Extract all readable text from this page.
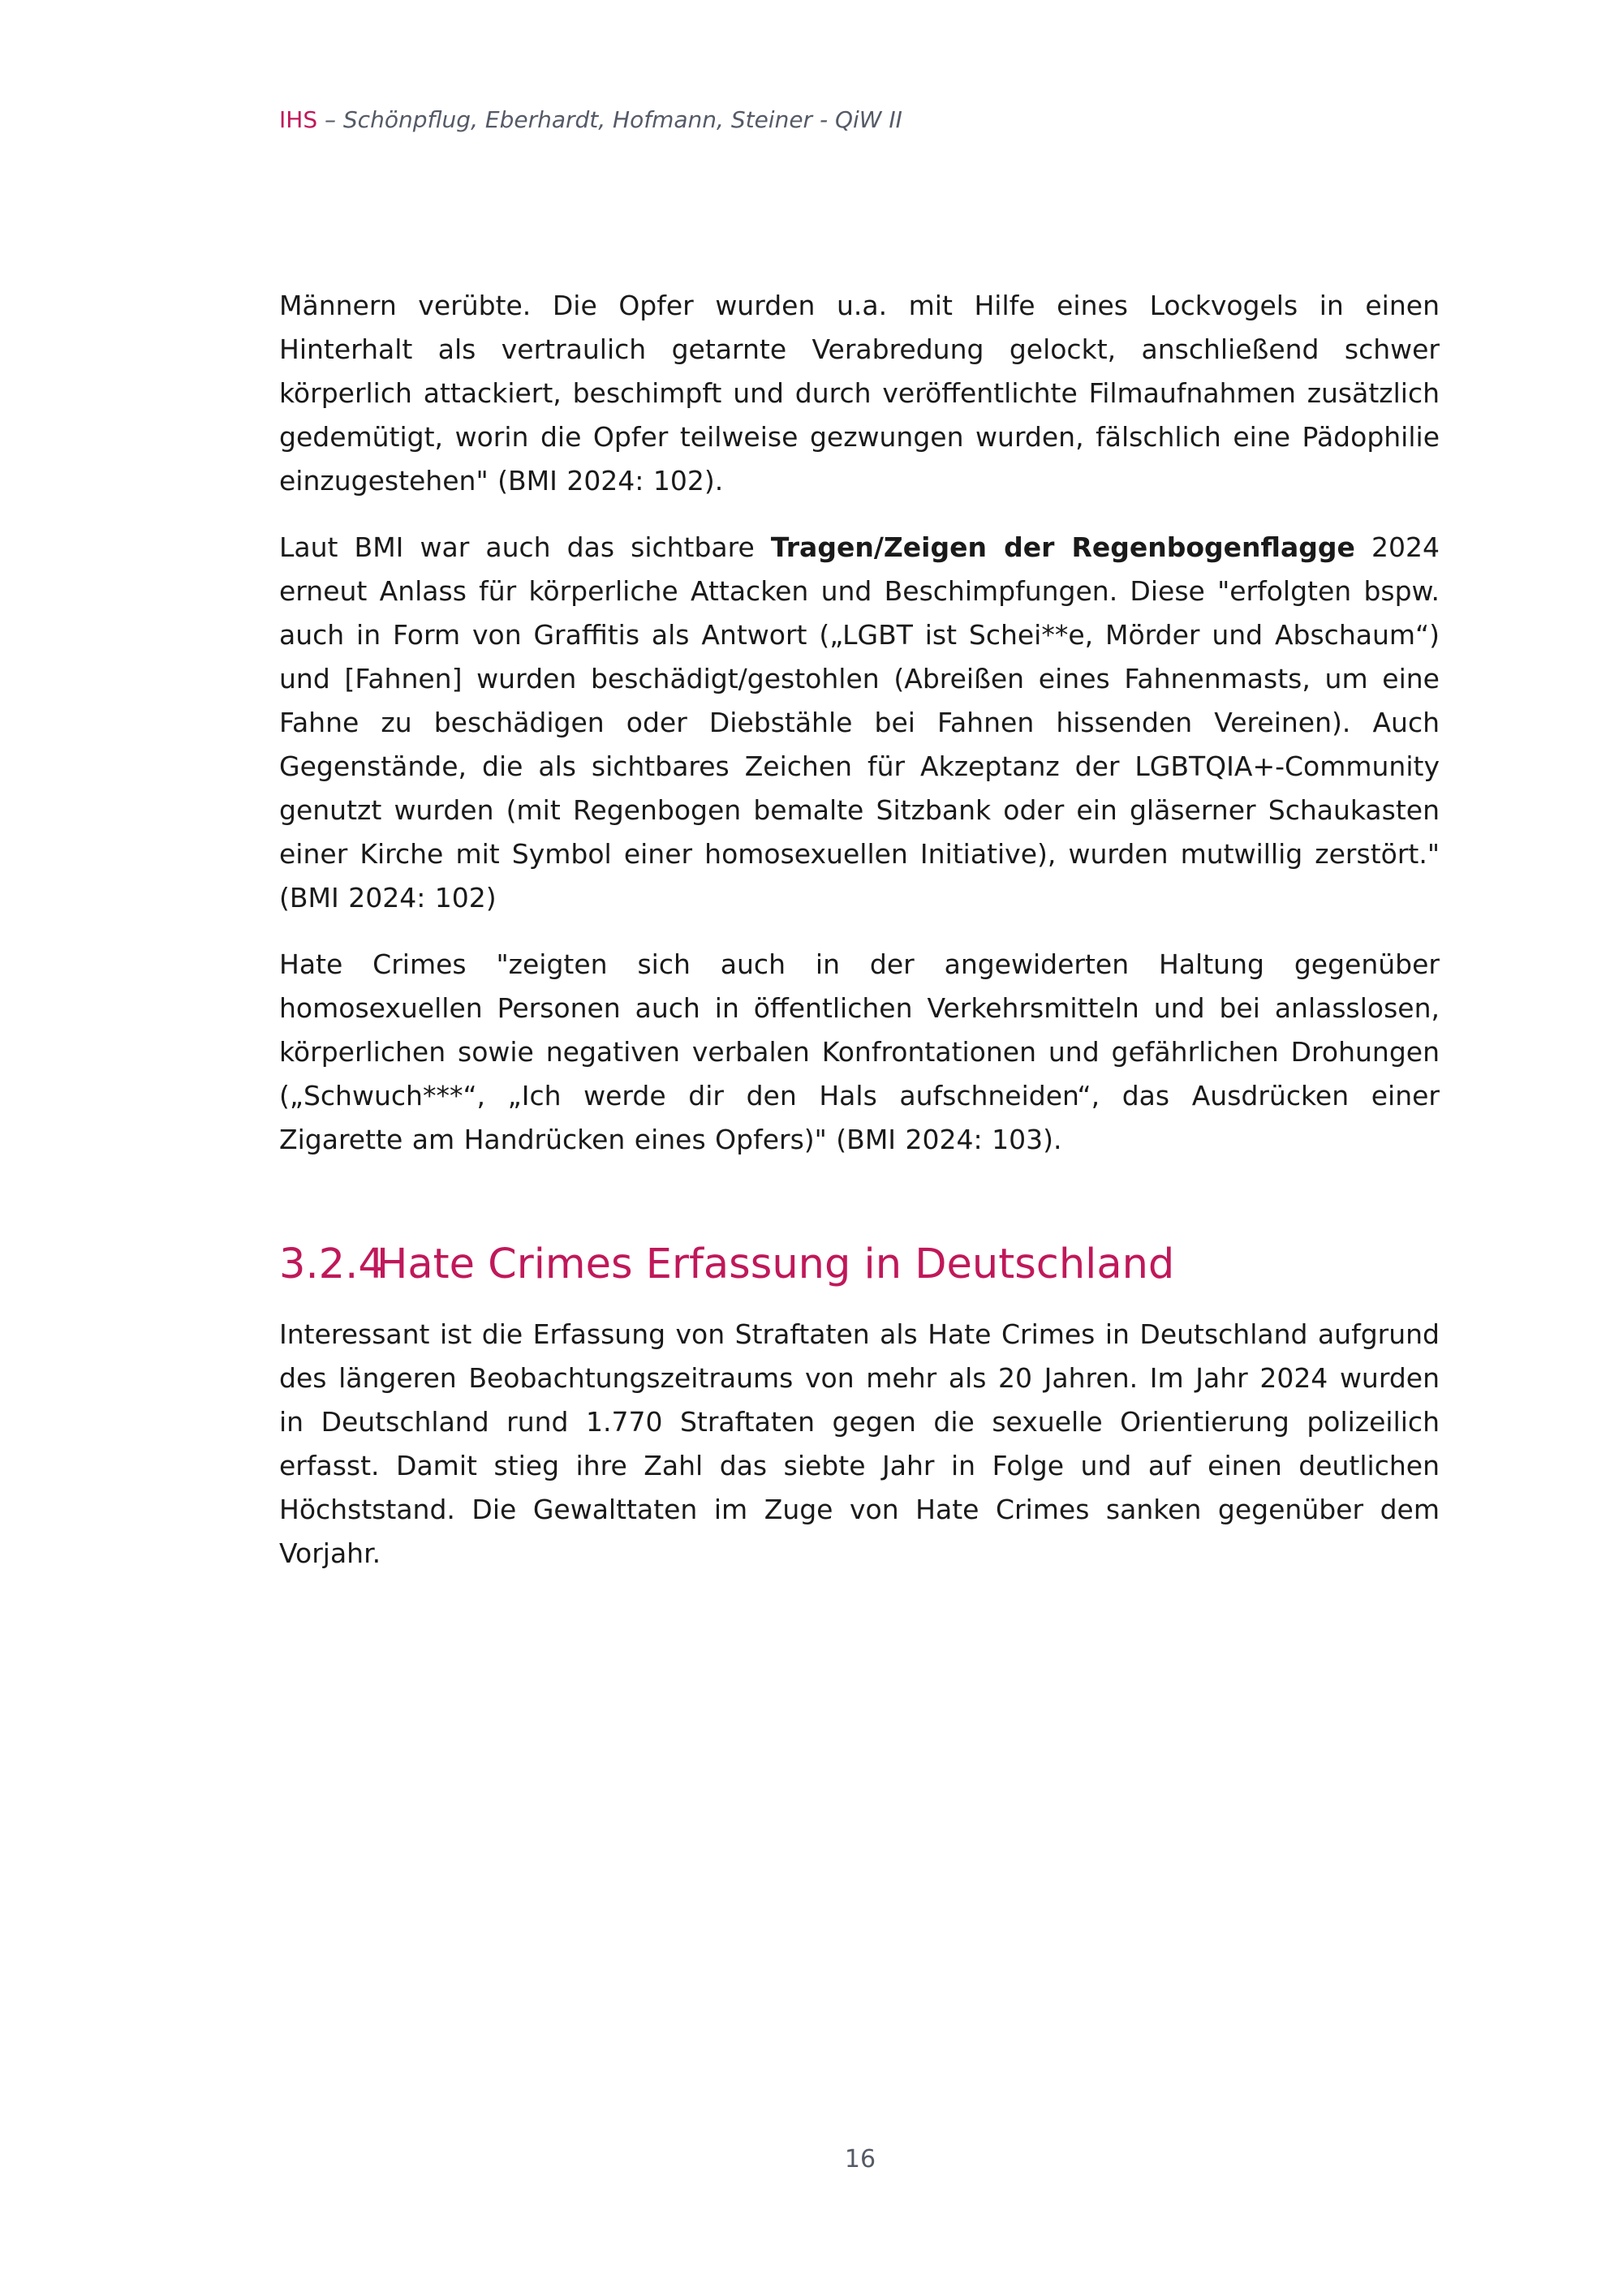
IHS – Schönpflug, Eberhardt, Hofmann, Steiner - QiW II

Männern verübte. Die Opfer wurden u.a. mit Hilfe eines Lockvogels in einen Hinterhalt als vertraulich getarnte Verabredung gelockt, anschließend schwer körperlich attackiert, beschimpft und durch veröffentlichte Filmaufnahmen zusätzlich gedemütigt, worin die Opfer teilweise gezwungen wurden, fälschlich eine Pädophilie einzugestehen" (BMI 2024: 102).

Laut BMI war auch das sichtbare Tragen/Zeigen der Regenbogenflagge 2024 erneut Anlass für körperliche Attacken und Beschimpfungen. Diese "erfolgten bspw. auch in Form von Graffitis als Antwort („LGBT ist Schei**e, Mörder und Abschaum“) und [Fahnen] wurden beschädigt/gestohlen (Abreißen eines Fahnenmasts, um eine Fahne zu beschädigen oder Diebstähle bei Fahnen hissenden Vereinen). Auch Gegenstände, die als sichtbares Zeichen für Akzeptanz der LGBTQIA+-Community genutzt wurden (mit Regenbogen bemalte Sitzbank oder ein gläserner Schaukasten einer Kirche mit Symbol einer homosexuellen Initiative), wurden mutwillig zerstört." (BMI 2024: 102)

Hate Crimes "zeigten sich auch in der angewiderten Haltung gegenüber homosexuellen Personen auch in öffentlichen Verkehrsmitteln und bei anlasslosen, körperlichen sowie negativen verbalen Konfrontationen und gefährlichen Drohungen („Schwuch***“, „Ich werde dir den Hals aufschneiden“, das Ausdrücken einer Zigarette am Handrücken eines Opfers)" (BMI 2024: 103).

3.2.4
Hate Crimes Erfassung in Deutschland

Interessant ist die Erfassung von Straftaten als Hate Crimes in Deutschland aufgrund des längeren Beobachtungszeitraums von mehr als 20 Jahren. Im Jahr 2024 wurden in Deutschland rund 1.770 Straftaten gegen die sexuelle Orientierung polizeilich erfasst. Damit stieg ihre Zahl das siebte Jahr in Folge und auf einen deutlichen Höchststand. Die Gewalttaten im Zuge von Hate Crimes sanken gegenüber dem Vorjahr.

16
